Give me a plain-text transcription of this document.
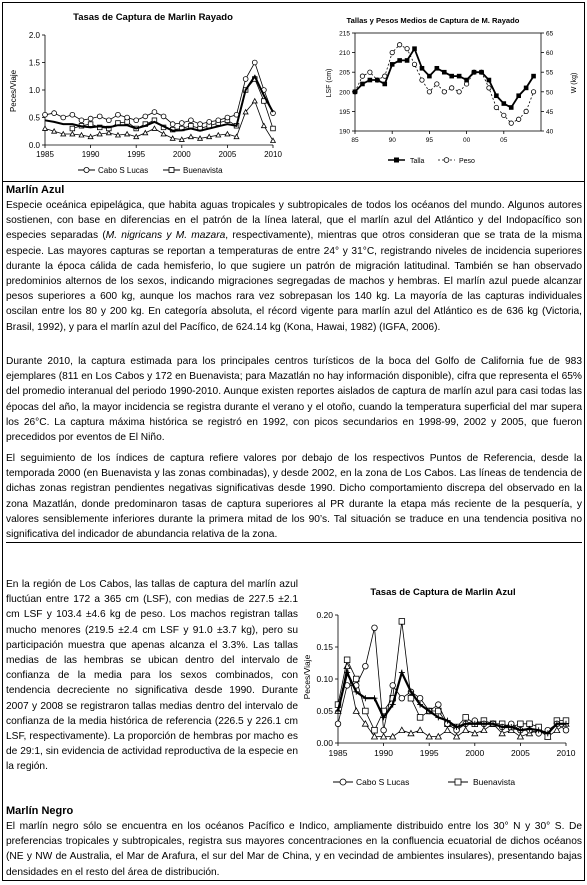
Tasas de Captura de Marlin Rayado
Peces/Viaje
0.0
0.5
1.0
1.5
2.0
1985	1990	1995	2000	2005	2010
Cabo S Lucas	Buenavista
Tallas y Pesos Medios de Captura de M. Rayado
LSF (cm)	W (kg)
190
195
200
205
210
215
40
45
50
55
60
65
85	90	95	00	05
Talla	Peso
Marlín Azul

Especie oceánica epipelágica, que habita aguas tropicales y subtropicales de todos los océanos del mundo. Algunos autores sostienen, con base en diferencias en el patrón de la línea lateral, que el marlín azul del Atlántico y del Indopacífico son especies separadas (M. nigricans y M. mazara, respectivamente), mientras que otros consideran que se trata de la misma especie. Las mayores capturas se reportan a temperaturas de entre 24° y 31°C, registrando niveles de incidencia superiores durante la época cálida de cada hemisferio, lo que sugiere un patrón de migración latitudinal. También se han observado predominios alternos de los sexos, indicando migraciones segregadas de machos y hembras. El marlín azul puede alcanzar pesos superiores a 600 kg, aunque los machos rara vez sobrepasan los 140 kg. La mayoría de las capturas individuales oscilan entre los 80 y 200 kg. En categoría absoluta, el récord vigente para marlín azul del Atlántico es de 636 kg (Victoria, Brasil, 1992), y para el marlín azul del Pacífico, de 624.14 kg (Kona, Hawai, 1982) (IGFA, 2006).

Durante 2010, la captura estimada para los principales centros turísticos de la boca del Golfo de California fue de 983 ejemplares (811 en Los Cabos y 172 en Buenavista; para Mazatlán no hay información disponible), cifra que representa el 65% del promedio interanual del periodo 1990-2010. Aunque existen reportes aislados de captura de marlín azul para casi todas las épocas del año, la mayor incidencia se registra durante el verano y el otoño, cuando la temperatura superficial del mar supera los 26°C. La captura máxima histórica se registró en 1992, con picos secundarios en 1998-99, 2002 y 2005, que fueron precedidos por eventos de El Niño.

El seguimiento de los índices de captura refiere valores por debajo de los respectivos Puntos de Referencia, desde la temporada 2000 (en Buenavista y las zonas combinadas), y desde 2002, en la zona de Los Cabos. Las líneas de tendencia de dichas zonas registran pendientes negativas significativas desde 1990. Dicho comportamiento discrepa del observado en la zona Mazatlán, donde predominaron tasas de captura superiores al PR durante la etapa más reciente de la pesquería, y valores sensiblemente inferiores durante la primera mitad de los 90’s. Tal situación se traduce en una tendencia positiva no significativa del indicador de abundancia relativa de la zona.

En la región de Los Cabos, las tallas de captura del marlín azul fluctúan entre 172 a 365 cm (LSF), con medias de 227.5 ±2.1 cm LSF y 103.4 ±4.6 kg de peso. Los machos registran tallas mucho menores (219.5 ±2.4 cm LSF y 91.0 ±3.7 kg), pero su participación muestra que apenas alcanza el 3.3%. Las tallas medias de las hembras se ubican dentro del intervalo de confianza de la media para los sexos combinados, con tendencia decreciente no significativa desde 1990. Durante 2007 y 2008 se registraron tallas medias dentro del intervalo de confianza de la media histórica de referencia (226.5 y 226.1 cm LSF, respectivamente). La proporción de hembras por macho es de 29:1, sin evidencia de actividad reproductiva de la especie en la región.

Tasas de Captura de Marlin Azul
Peces/Viaje
0.00
0.05
0.10
0.15
0.20
1985	1990	1995	2000	2005	2010
Cabo S Lucas	Buenavista
Marlín Negro

El marlín negro sólo se encuentra en los océanos Pacífico e Indico, ampliamente distribuido entre los 30° N y 30° S. De preferencias tropicales y subtropicales, registra sus mayores concentraciones en la confluencia ecuatorial de dichos océanos (NE y NW de Australia, el Mar de Arafura, el sur del Mar de China, y en vecindad de ambientes insulares), presentando bajas densidades en el resto del área de distribución.
